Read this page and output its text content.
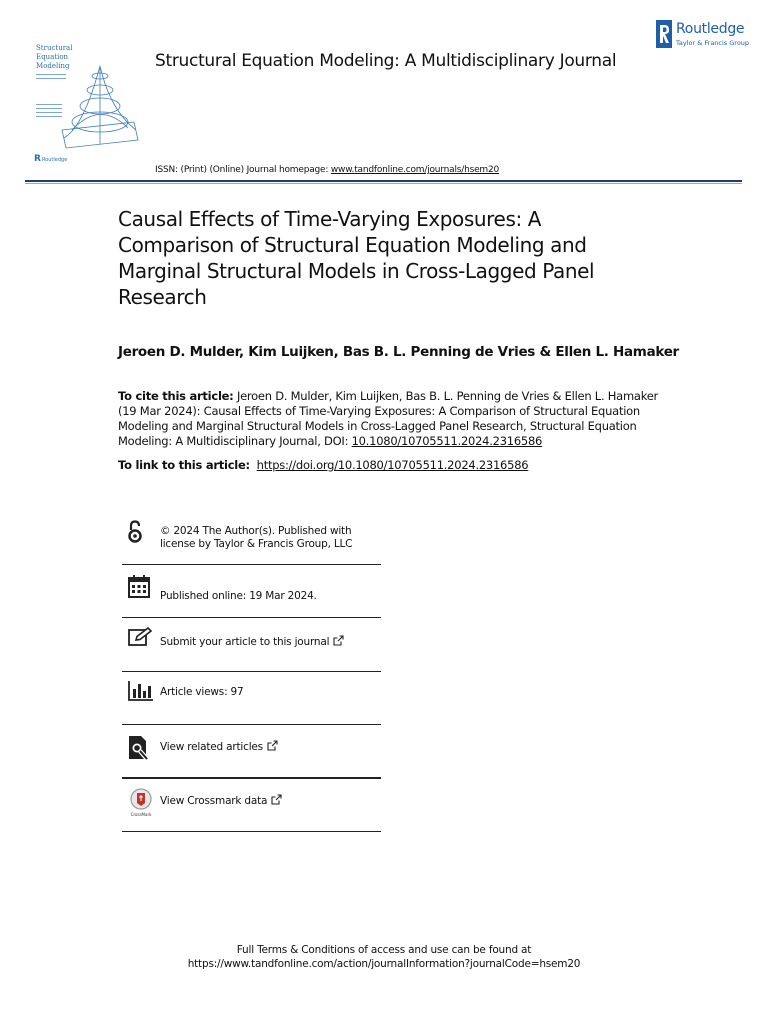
Structural
Equation
Modeling
RRoutledge
Structural Equation Modeling: A Multidisciplinary Journal
Routledge
Taylor & Francis Group
ISSN: (Print) (Online) Journal homepage: www.tandfonline.com/journals/hsem20
Causal Effects of Time-Varying Exposures: A Comparison of Structural Equation Modeling and Marginal Structural Models in Cross-Lagged Panel Research
Jeroen D. Mulder, Kim Luijken, Bas B. L. Penning de Vries & Ellen L. Hamaker
To cite this article: Jeroen D. Mulder, Kim Luijken, Bas B. L. Penning de Vries & Ellen L. Hamaker (19 Mar 2024): Causal Effects of Time-Varying Exposures: A Comparison of Structural Equation Modeling and Marginal Structural Models in Cross-Lagged Panel Research, Structural Equation Modeling: A Multidisciplinary Journal, DOI: 10.1080/10705511.2024.2316586
To link to this article: https://doi.org/10.1080/10705511.2024.2316586
© 2024 The Author(s). Published with
license by Taylor & Francis Group, LLC
Published online: 19 Mar 2024.
Submit your article to this journal
Article views: 97
View related articles
CrossMark
View Crossmark data
Full Terms & Conditions of access and use can be found at
https://www.tandfonline.com/action/journalInformation?journalCode=hsem20
